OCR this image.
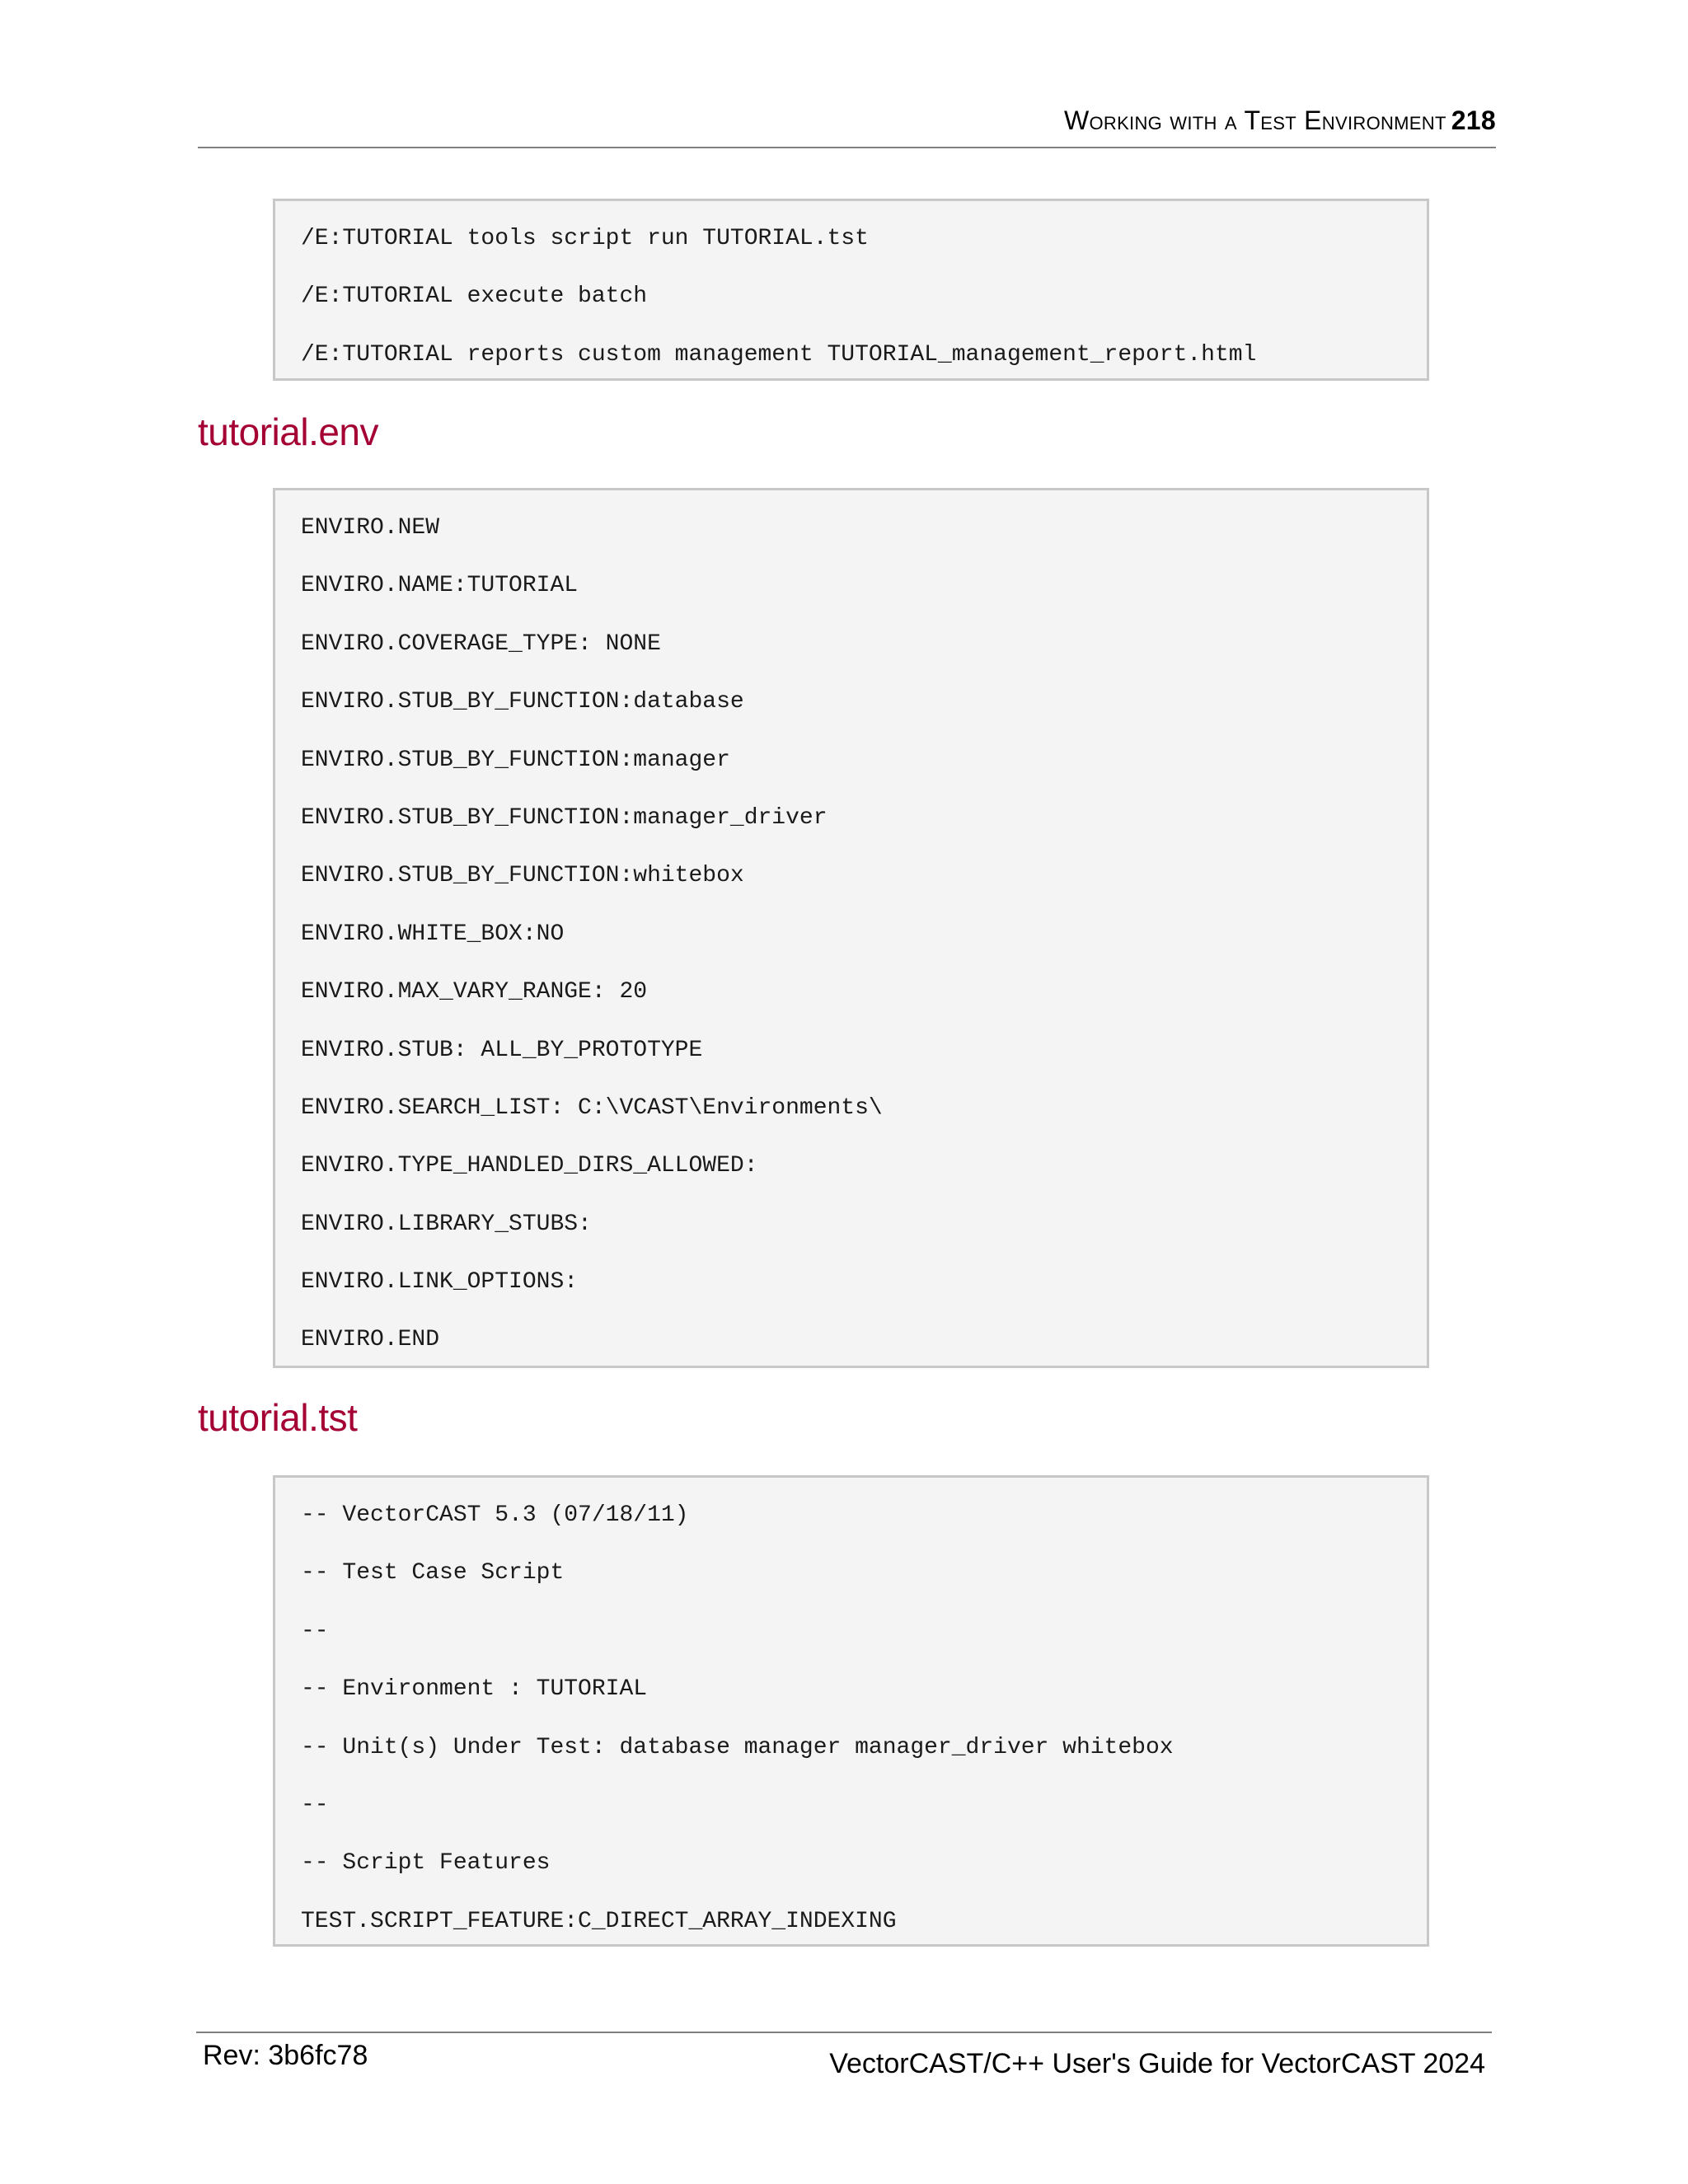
Working with a Test Environment 218
/E:TUTORIAL tools script run TUTORIAL.tst
/E:TUTORIAL execute batch
/E:TUTORIAL reports custom management TUTORIAL_management_report.html
tutorial.env
ENVIRO.NEW
ENVIRO.NAME:TUTORIAL
ENVIRO.COVERAGE_TYPE: NONE
ENVIRO.STUB_BY_FUNCTION:database
ENVIRO.STUB_BY_FUNCTION:manager
ENVIRO.STUB_BY_FUNCTION:manager_driver
ENVIRO.STUB_BY_FUNCTION:whitebox
ENVIRO.WHITE_BOX:NO
ENVIRO.MAX_VARY_RANGE: 20
ENVIRO.STUB: ALL_BY_PROTOTYPE
ENVIRO.SEARCH_LIST: C:\VCAST\Environments\
ENVIRO.TYPE_HANDLED_DIRS_ALLOWED:
ENVIRO.LIBRARY_STUBS:
ENVIRO.LINK_OPTIONS:
ENVIRO.END
tutorial.tst
-- VectorCAST 5.3 (07/18/11)
-- Test Case Script
--
-- Environment : TUTORIAL
-- Unit(s) Under Test: database manager manager_driver whitebox
--
-- Script Features
TEST.SCRIPT_FEATURE:C_DIRECT_ARRAY_INDEXING
Rev: 3b6fc78	VectorCAST/C++ User's Guide for VectorCAST 2024
